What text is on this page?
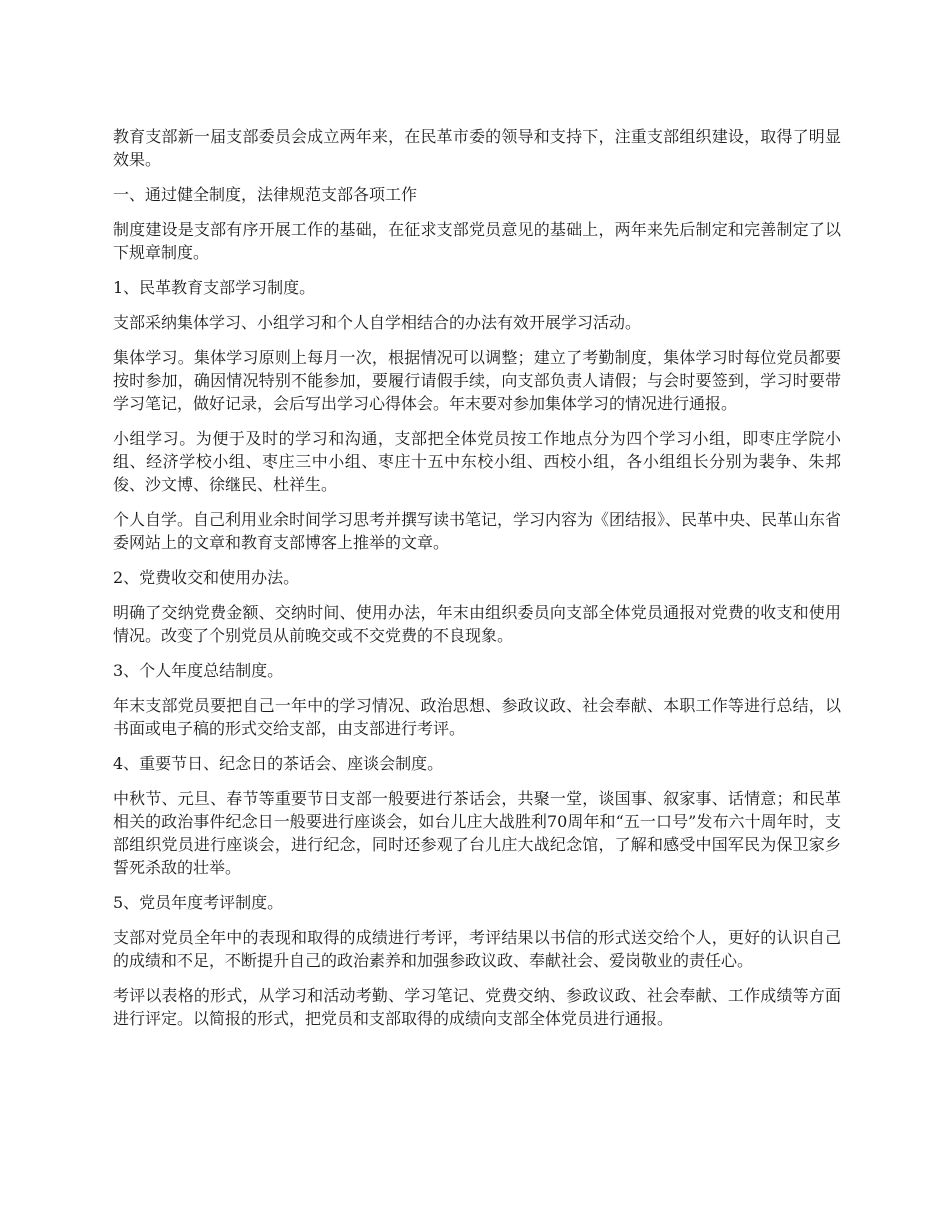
教育支部新一届支部委员会成立两年来，在民革市委的领导和支持下，注重支部组织建设，取得了明显效果。

一、通过健全制度，法律规范支部各项工作

制度建设是支部有序开展工作的基础，在征求支部党员意见的基础上，两年来先后制定和完善制定了以下规章制度。

1、民革教育支部学习制度。

支部采纳集体学习、小组学习和个人自学相结合的办法有效开展学习活动。

集体学习。集体学习原则上每月一次，根据情况可以调整；建立了考勤制度，集体学习时每位党员都要按时参加，确因情况特别不能参加，要履行请假手续，向支部负责人请假；与会时要签到，学习时要带学习笔记，做好记录，会后写出学习心得体会。年末要对参加集体学习的情况进行通报。

小组学习。为便于及时的学习和沟通，支部把全体党员按工作地点分为四个学习小组，即枣庄学院小组、经济学校小组、枣庄三中小组、枣庄十五中东校小组、西校小组，各小组组长分别为裴争、朱邦俊、沙文博、徐继民、杜祥生。

个人自学。自己利用业余时间学习思考并撰写读书笔记，学习内容为《团结报》、民革中央、民革山东省委网站上的文章和教育支部博客上推举的文章。

2、党费收交和使用办法。

明确了交纳党费金额、交纳时间、使用办法，年末由组织委员向支部全体党员通报对党费的收支和使用情况。改变了个别党员从前晚交或不交党费的不良现象。

3、个人年度总结制度。

年末支部党员要把自己一年中的学习情况、政治思想、参政议政、社会奉献、本职工作等进行总结，以书面或电子稿的形式交给支部，由支部进行考评。

4、重要节日、纪念日的茶话会、座谈会制度。

中秋节、元旦、春节等重要节日支部一般要进行茶话会，共聚一堂，谈国事、叙家事、话情意；和民革相关的政治事件纪念日一般要进行座谈会，如台儿庄大战胜利70周年和“五一口号”发布六十周年时，支部组织党员进行座谈会，进行纪念，同时还参观了台儿庄大战纪念馆，了解和感受中国军民为保卫家乡誓死杀敌的壮举。

5、党员年度考评制度。

支部对党员全年中的表现和取得的成绩进行考评，考评结果以书信的形式送交给个人，更好的认识自己的成绩和不足，不断提升自己的政治素养和加强参政议政、奉献社会、爱岗敬业的责任心。

考评以表格的形式，从学习和活动考勤、学习笔记、党费交纳、参政议政、社会奉献、工作成绩等方面进行评定。以简报的形式，把党员和支部取得的成绩向支部全体党员进行通报。
